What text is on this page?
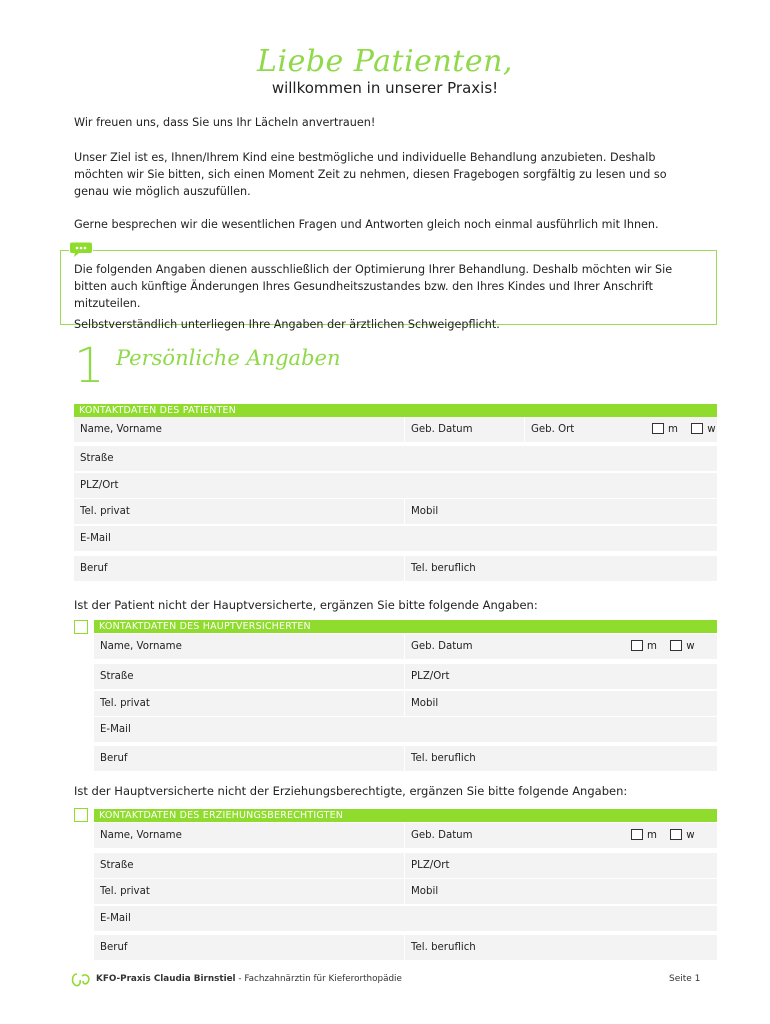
Liebe Patienten,
willkommen in unserer Praxis!
Wir freuen uns, dass Sie uns Ihr Lächeln anvertrauen!
Unser Ziel ist es, Ihnen/Ihrem Kind eine bestmögliche und individuelle Behandlung anzubieten. Deshalb möchten wir Sie bitten, sich einen Moment Zeit zu nehmen, diesen Fragebogen sorgfältig zu lesen und so genau wie möglich auszufüllen.
Gerne besprechen wir die wesentlichen Fragen und Antworten gleich noch einmal ausführlich mit Ihnen.
Die folgenden Angaben dienen ausschließlich der Optimierung Ihrer Behandlung. Deshalb möchten wir Sie bitten auch künftige Änderungen Ihres Gesundheitszustandes bzw. den Ihres Kindes und Ihrer Anschrift mitzuteilen.
Selbstverständlich unterliegen Ihre Angaben der ärztlichen Schweigepflicht.
1 Persönliche Angaben
KONTAKTDATEN DES PATIENTEN
Name, Vorname	Geb. Datum	Geb. Ort	m	w
Straße
PLZ/Ort
Tel. privat	Mobil
E-Mail
Beruf	Tel. beruflich
Ist der Patient nicht der Hauptversicherte, ergänzen Sie bitte folgende Angaben:
KONTAKTDATEN DES HAUPTVERSICHERTEN
Name, Vorname	Geb. Datum	m	w
Straße	PLZ/Ort
Tel. privat	Mobil
E-Mail
Beruf	Tel. beruflich
Ist der Hauptversicherte nicht der Erziehungsberechtigte, ergänzen Sie bitte folgende Angaben:
KONTAKTDATEN DES ERZIEHUNGSBERECHTIGTEN
Name, Vorname	Geb. Datum	m	w
Straße	PLZ/Ort
Tel. privat	Mobil
E-Mail
Beruf	Tel. beruflich
KFO-Praxis Claudia Birnstiel - Fachzahnärztin für Kieferorthopädie	Seite 1
